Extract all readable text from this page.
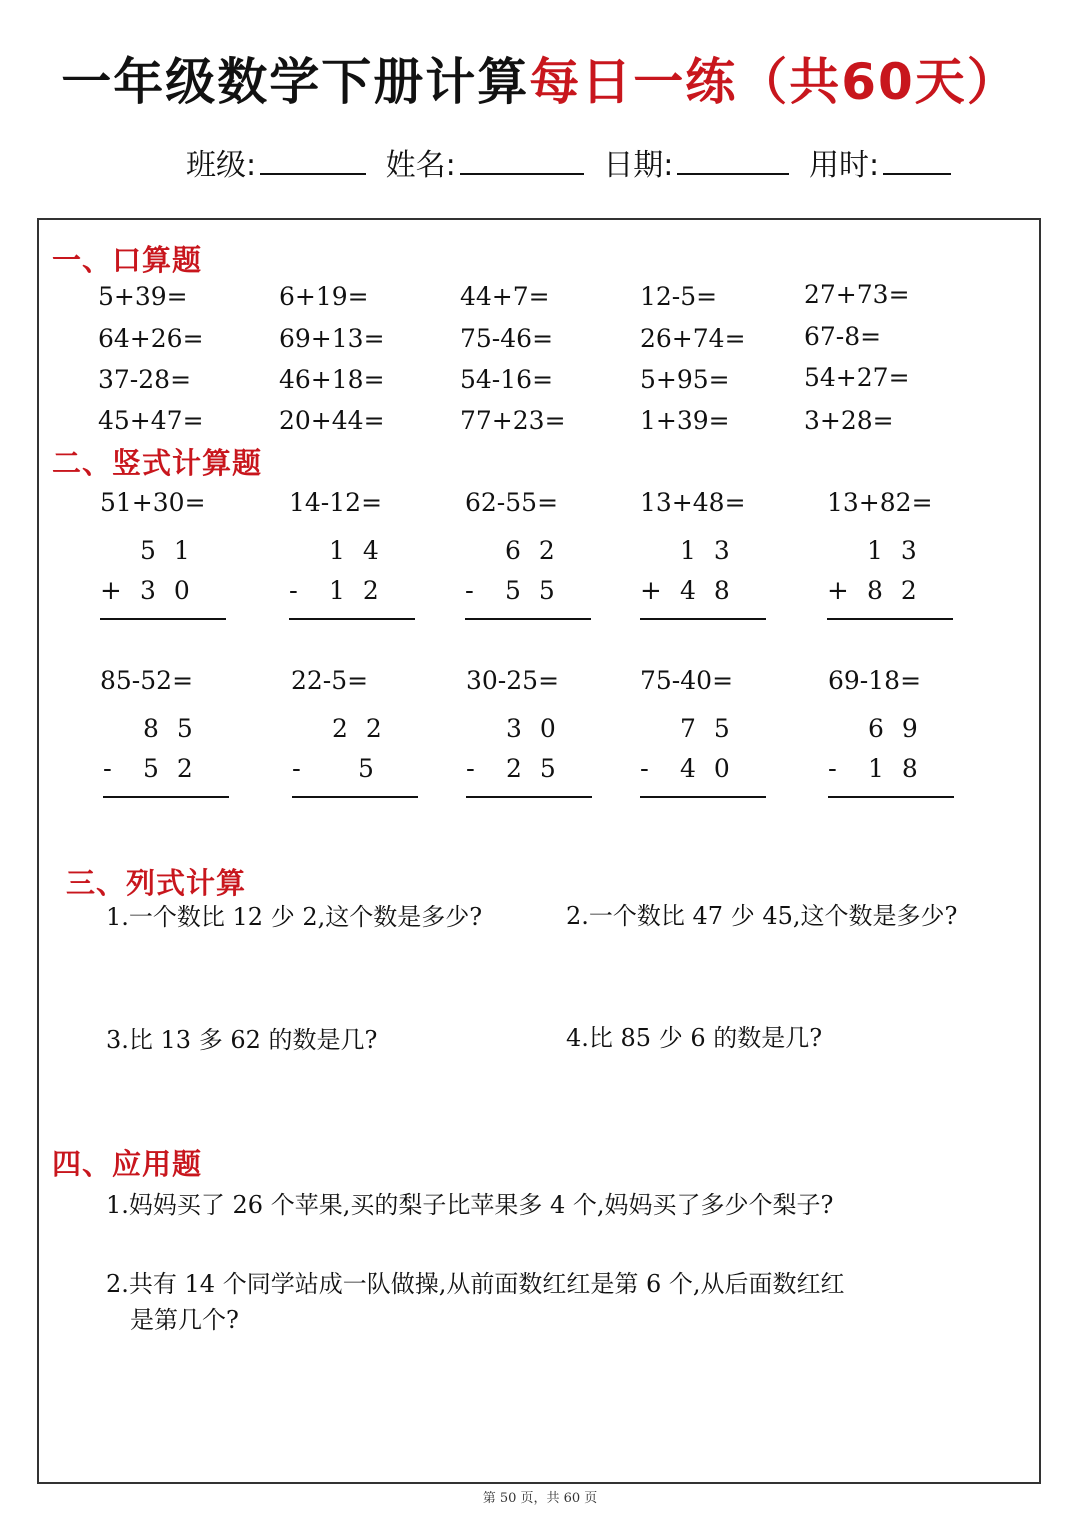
一年级数学下册计算每日一练（共60天）
班级:	姓名:	日期:	用时:
一、口算题
5+39=	6+19=	44+7=	12-5=	27+73=
64+26=	69+13=	75-46=	26+74= 67-8=
37-28=	46+18=	54-16=	5+95=	54+27=
45+47=	20+44=	77+23=	1+39=	3+28=
二、竖式计算题
51+30=	14-12=	62-55=	13+48=	13+82=
51
+ 30
14
- 12
62
- 55
13
+ 48
13
+ 82
85-52=	22-5=	30-25=	75-40=	69-18=
85
- 52
22
- 5
30
- 25
75
- 40
69
- 18
三、列式计算
1.一个数比 12 少 2,这个数是多少?	2.一个数比 47 少 45,这个数是多少?
3.比 13 多 62 的数是几?	4.比 85 少 6 的数是几?
四、应用题
1.妈妈买了 26 个苹果,买的梨子比苹果多 4 个,妈妈买了多少个梨子?
2.共有 14 个同学站成一队做操,从前面数红红是第 6 个,从后面数红红
是第几个?
第 50 页，共 60 页
